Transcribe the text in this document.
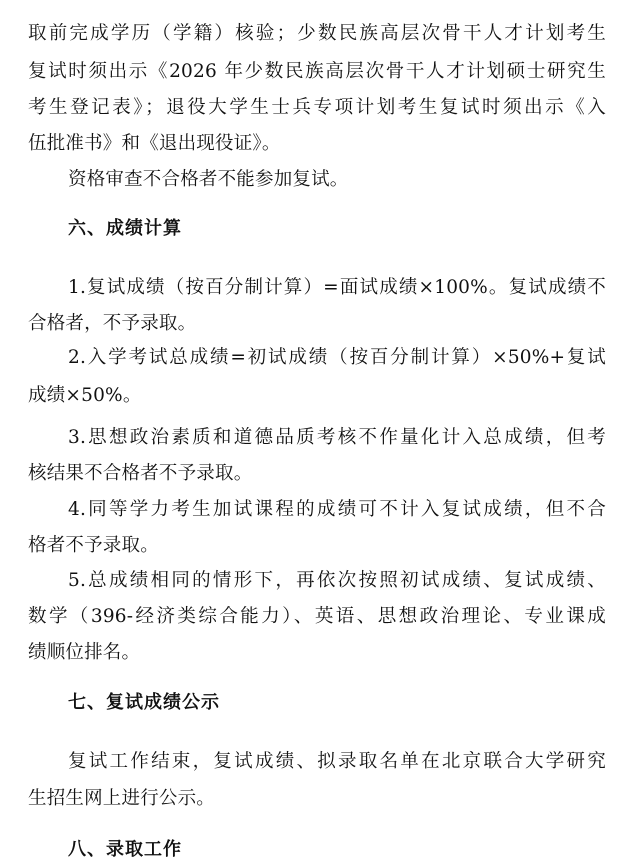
取前完成学历（学籍）核验；少数民族高层次骨干人才计划考生
复试时须出示《2026 年少数民族高层次骨干人才计划硕士研究生
考生登记表》；退役大学生士兵专项计划考生复试时须出示《入
伍批准书》和《退出现役证》。
资格审查不合格者不能参加复试。
六、成绩计算
1.复试成绩（按百分制计算）=面试成绩×100%。复试成绩不
合格者，不予录取。
2.入学考试总成绩=初试成绩（按百分制计算）×50%+复试
成绩×50%。
3.思想政治素质和道德品质考核不作量化计入总成绩，但考
核结果不合格者不予录取。
4.同等学力考生加试课程的成绩可不计入复试成绩，但不合
格者不予录取。
5.总成绩相同的情形下，再依次按照初试成绩、复试成绩、
数学（396-经济类综合能力）、英语、思想政治理论、专业课成
绩顺位排名。
七、复试成绩公示
复试工作结束，复试成绩、拟录取名单在北京联合大学研究
生招生网上进行公示。
八、录取工作
